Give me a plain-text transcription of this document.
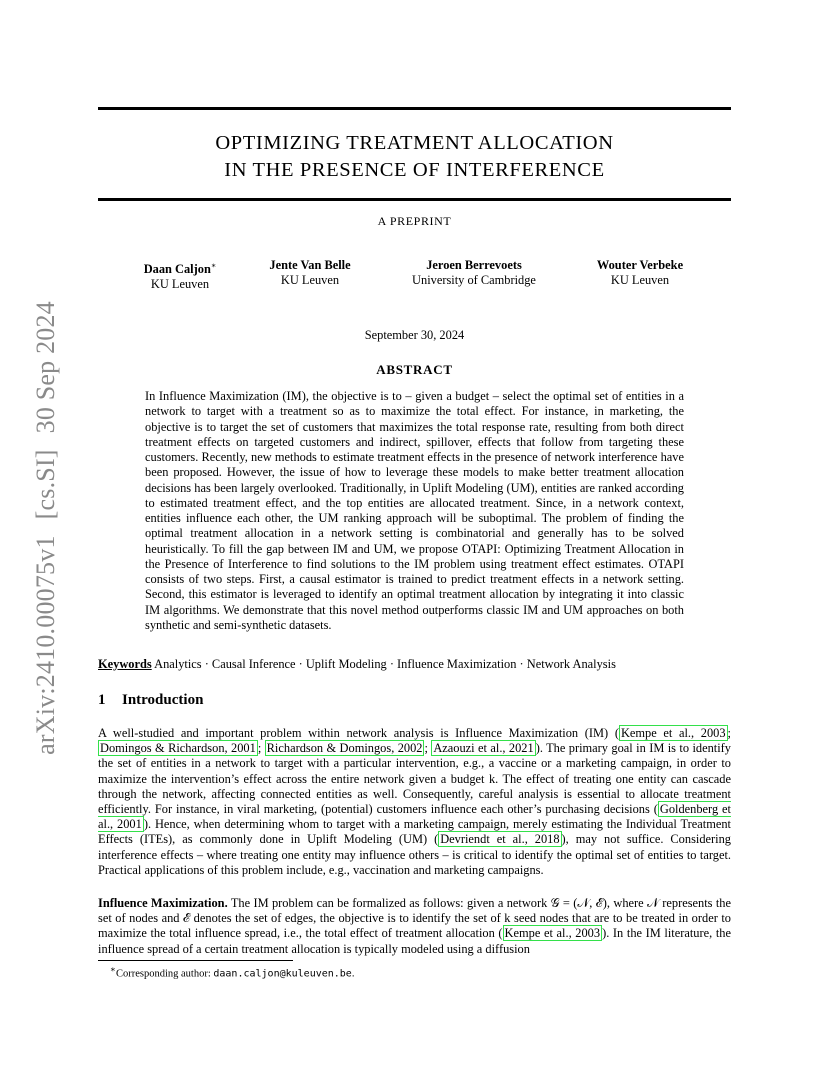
arXiv:2410.00075v1[cs.SI]30 Sep 2024
OPTIMIZING TREATMENT ALLOCATION
IN THE PRESENCE OF INTERFERENCE
A PREPRINT
Daan Caljon∗
KU Leuven
Jente Van Belle
KU Leuven
Jeroen Berrevoets
University of Cambridge
Wouter Verbeke
KU Leuven
September 30, 2024
ABSTRACT

In Influence Maximization (IM), the objective is to – given a budget – select the optimal set of entities in a network to target with a treatment so as to maximize the total effect. For instance, in marketing, the objective is to target the set of customers that maximizes the total response rate, resulting from both direct treatment effects on targeted customers and indirect, spillover, effects that follow from targeting these customers. Recently, new methods to estimate treatment effects in the presence of network interference have been proposed. However, the issue of how to leverage these models to make better treatment allocation decisions has been largely overlooked. Traditionally, in Uplift Modeling (UM), entities are ranked according to estimated treatment effect, and the top entities are allocated treatment. Since, in a network context, entities influence each other, the UM ranking approach will be suboptimal. The problem of finding the optimal treatment allocation in a network setting is combinatorial and generally has to be solved heuristically. To fill the gap between IM and UM, we propose OTAPI: Optimizing Treatment Allocation in the Presence of Interference to find solutions to the IM problem using treatment effect estimates. OTAPI consists of two steps. First, a causal estimator is trained to predict treatment effects in a network setting. Second, this estimator is leveraged to identify an optimal treatment allocation by integrating it into classic IM algorithms. We demonstrate that this novel method outperforms classic IM and UM approaches on both synthetic and semi-synthetic datasets.

Keywords Analytics · Causal Inference · Uplift Modeling · Influence Maximization · Network Analysis
1 Introduction

A well-studied and important problem within network analysis is Influence Maximization (IM) ( Kempe et al., 2003 ; Domingos & Richardson, 2001 ; Richardson & Domingos, 2002 ; Azaouzi et al., 2021 ). The primary goal in IM is to identify the set of entities in a network to target with a particular intervention, e.g., a vaccine or a marketing campaign, in order to maximize the intervention’s effect across the entire network given a budget k. The effect of treating one entity can cascade through the network, affecting connected entities as well. Consequently, careful analysis is essential to allocate treatment efficiently. For instance, in viral marketing, (potential) customers influence each other’s purchasing decisions ( Goldenberg et al., 2001 ). Hence, when determining whom to target with a marketing campaign, merely estimating the Individual Treatment Effects (ITEs), as commonly done in Uplift Modeling (UM) ( Devriendt et al., 2018 ), may not suffice. Considering interference effects – where treating one entity may influence others – is critical to identify the optimal set of entities to target. Practical applications of this problem include, e.g., vaccination and marketing campaigns.

Influence Maximization. The IM problem can be formalized as follows: given a network 𝒢 = (𝒩, ℰ), where 𝒩 represents the set of nodes and ℰ denotes the set of edges, the objective is to identify the set of k seed nodes that are to be treated in order to maximize the total influence spread, i.e., the total effect of treatment allocation ( Kempe et al., 2003 ). In the IM literature, the influence spread of a certain treatment allocation is typically modeled using a diffusion

∗Corresponding author: daan.caljon@kuleuven.be.
